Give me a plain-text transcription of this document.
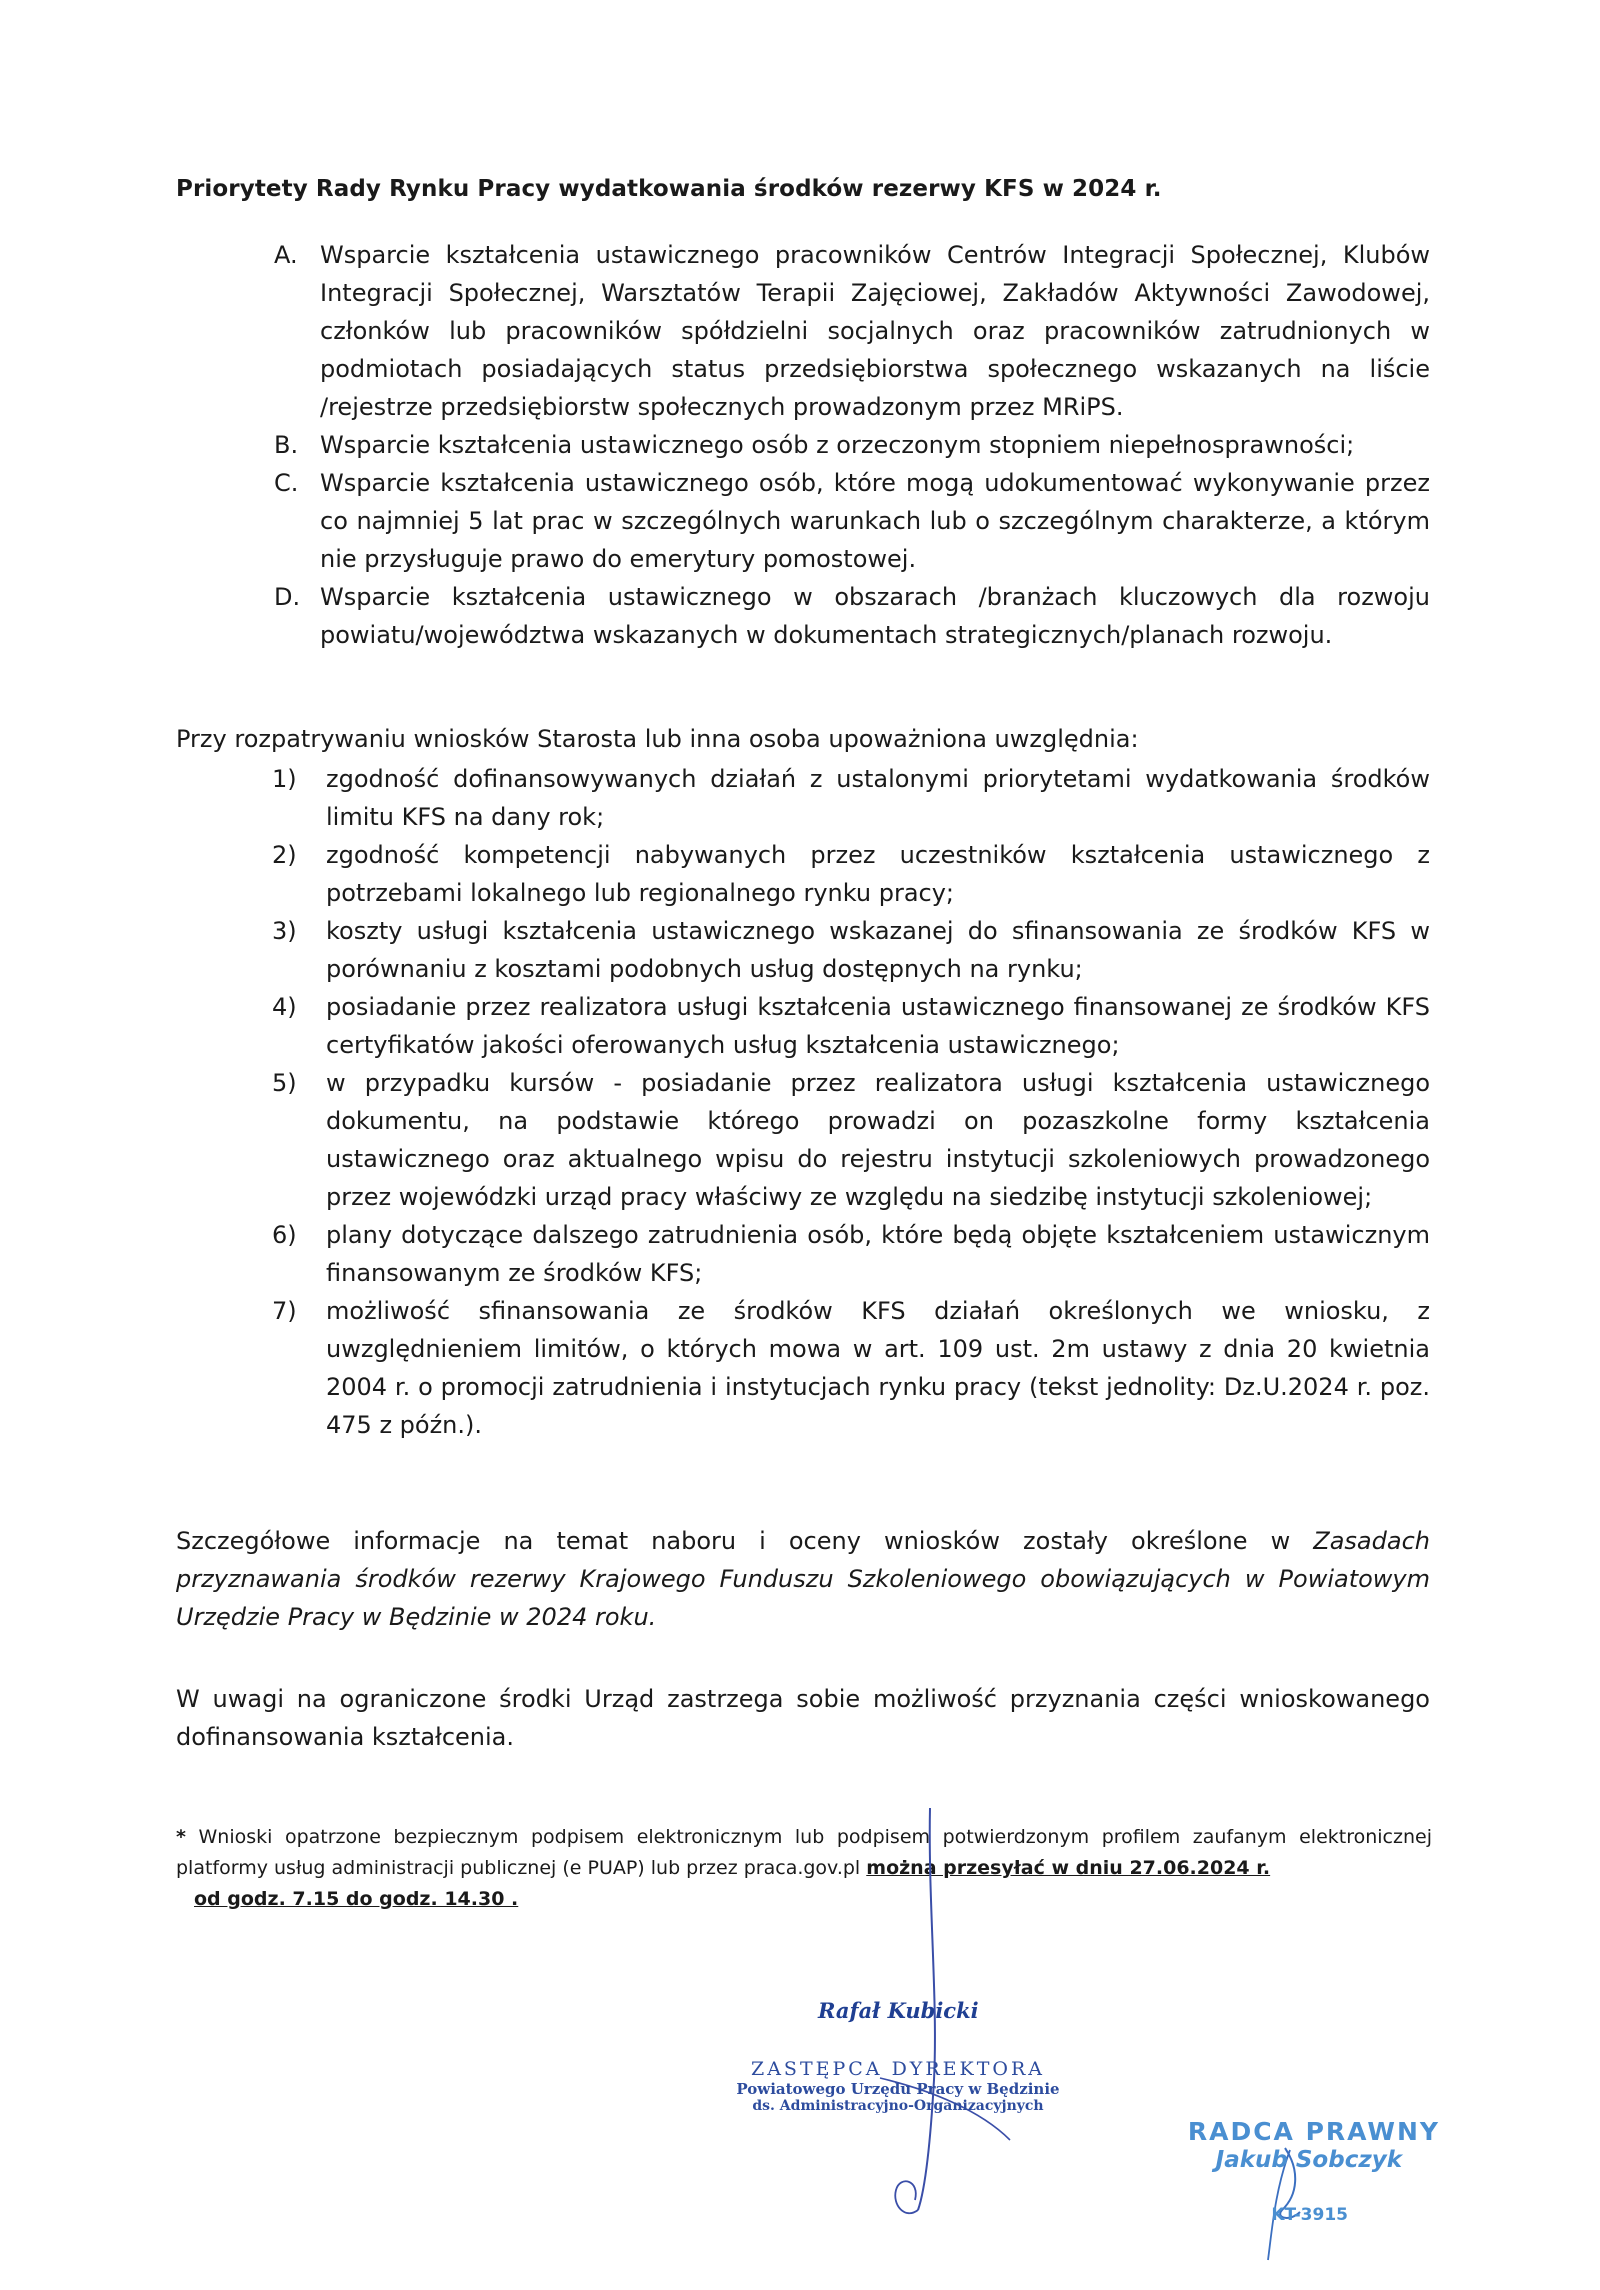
Priorytety Rady Rynku Pracy wydatkowania środków rezerwy KFS w 2024 r.
A. Wsparcie kształcenia ustawicznego pracowników Centrów Integracji Społecznej, Klubów Integracji Społecznej, Warsztatów Terapii Zajęciowej, Zakładów Aktywności Zawodowej, członków lub pracowników spółdzielni socjalnych oraz pracowników zatrudnionych w podmiotach posiadających status przedsiębiorstwa społecznego wskazanych na liście /rejestrze przedsiębiorstw społecznych prowadzonym przez MRiPS.
B. Wsparcie kształcenia ustawicznego osób z orzeczonym stopniem niepełnosprawności;
C. Wsparcie kształcenia ustawicznego osób, które mogą udokumentować wykonywanie przez co najmniej 5 lat prac w szczególnych warunkach lub o szczególnym charakterze, a którym nie przysługuje prawo do emerytury pomostowej.
D. Wsparcie kształcenia ustawicznego w obszarach /branżach kluczowych dla rozwoju powiatu/województwa wskazanych w dokumentach strategicznych/planach rozwoju.

Przy rozpatrywaniu wniosków Starosta lub inna osoba upoważniona uwzględnia:

1) zgodność dofinansowywanych działań z ustalonymi priorytetami wydatkowania środków limitu KFS na dany rok;
2) zgodność kompetencji nabywanych przez uczestników kształcenia ustawicznego z potrzebami lokalnego lub regionalnego rynku pracy;
3) koszty usługi kształcenia ustawicznego wskazanej do sfinansowania ze środków KFS w porównaniu z kosztami podobnych usług dostępnych na rynku;
4) posiadanie przez realizatora usługi kształcenia ustawicznego finansowanej ze środków KFS certyfikatów jakości oferowanych usług kształcenia ustawicznego;
5) w przypadku kursów - posiadanie przez realizatora usługi kształcenia ustawicznego dokumentu, na podstawie którego prowadzi on pozaszkolne formy kształcenia ustawicznego oraz aktualnego wpisu do rejestru instytucji szkoleniowych prowadzonego przez wojewódzki urząd pracy właściwy ze względu na siedzibę instytucji szkoleniowej;
6) plany dotyczące dalszego zatrudnienia osób, które będą objęte kształceniem ustawicznym finansowanym ze środków KFS;
7) możliwość sfinansowania ze środków KFS działań określonych we wniosku, z uwzględnieniem limitów, o których mowa w art. 109 ust. 2m ustawy z dnia 20 kwietnia 2004 r. o promocji zatrudnienia i instytucjach rynku pracy (tekst jednolity: Dz.U.2024 r. poz. 475 z późn.).

Szczegółowe informacje na temat naboru i oceny wniosków zostały określone w Zasadach przyznawania środków rezerwy Krajowego Funduszu Szkoleniowego obowiązujących w Powiatowym Urzędzie Pracy w Będzinie w 2024 roku.

W uwagi na ograniczone środki Urząd zastrzega sobie możliwość przyznania części wnioskowanego dofinansowania kształcenia.

* Wnioski opatrzone bezpiecznym podpisem elektronicznym lub podpisem potwierdzonym profilem zaufanym elektronicznej platformy usług administracji publicznej (e PUAP) lub przez praca.gov.pl można przesyłać w dniu 27.06.2024 r.
od godz. 7.15 do godz. 14.30 .

Rafał Kubicki
ZASTĘPCA DYREKTORA
Powiatowego Urzędu Pracy w Będzinie
ds. Administracyjno-Organizacyjnych
RADCA PRAWNY
Jakub Sobczyk
KT-3915
